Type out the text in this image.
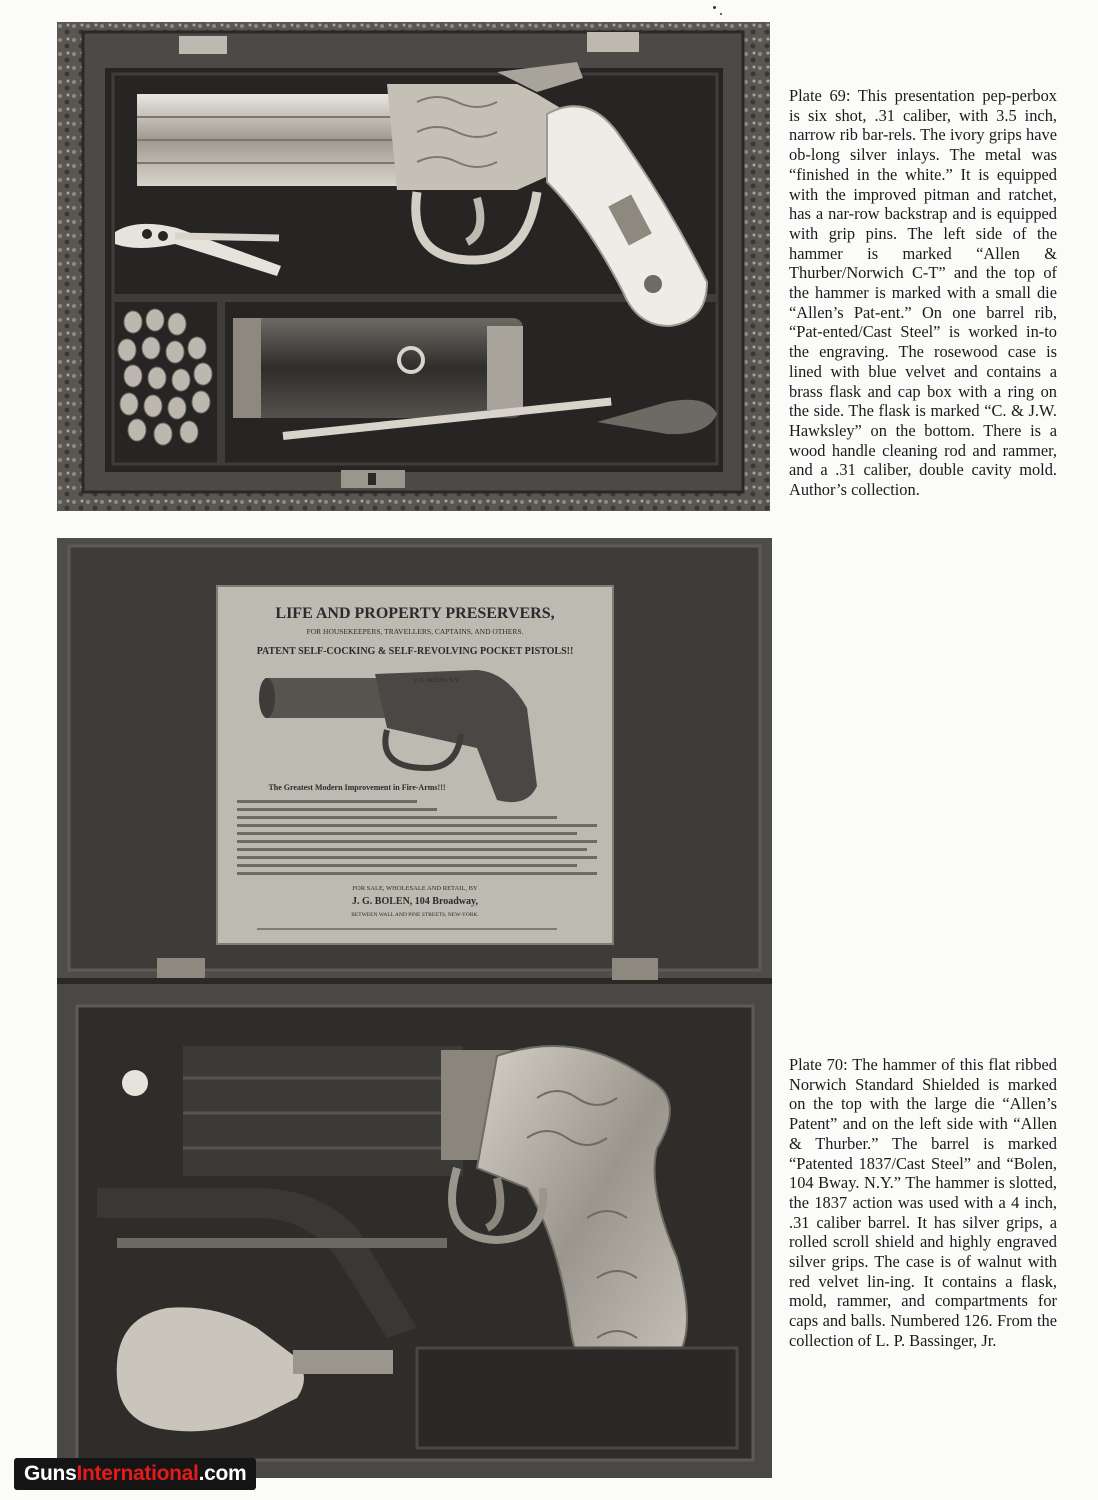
Plate 69: This presentation pep-perbox is six shot, .31 caliber, with 3.5 inch, narrow rib bar-rels. The ivory grips have ob-long silver inlays. The metal was “finished in the white.” It is equipped with the improved pitman and ratchet, has a nar-row backstrap and is equipped with grip pins. The left side of the hammer is marked “Allen & Thurber/Norwich C-T” and the top of the hammer is marked with a small die “Allen’s Pat-ent.” On one barrel rib, “Pat-ented/Cast Steel” is worked in-to the engraving. The rosewood case is lined with blue velvet and contains a brass flask and cap box with a ring on the side. The flask is marked “C. & J.W. Hawksley” on the bottom. There is a wood handle cleaning rod and rammer, and a .31 caliber, double cavity mold. Author’s collection.

LIFE AND PROPERTY PRESERVERS,
FOR HOUSEKEEPERS, TRAVELLERS, CAPTAINS, AND OTHERS.
PATENT SELF-COCKING & SELF-REVOLVING POCKET PISTOLS!!
J. G. BOLEN N.Y.
The Greatest Modern Improvement in Fire-Arms!!!
FOR SALE, WHOLESALE AND RETAIL, BY
J. G. BOLEN, 104 Broadway,
BETWEEN WALL AND PINE STREETS, NEW-YORK.

Plate 70: The hammer of this flat ribbed Norwich Standard Shielded is marked on the top with the large die “Allen’s Patent” and on the left side with “Allen & Thurber.” The barrel is marked “Patented 1837/Cast Steel” and “Bolen, 104 Bway. N.Y.” The hammer is slotted, the 1837 action was used with a 4 inch, .31 caliber barrel. It has silver grips, a rolled scroll shield and highly engraved silver grips. The case is of walnut with red velvet lin-ing. It contains a flask, mold, rammer, and compartments for caps and balls. Numbered 126. From the collection of L. P. Bassinger, Jr.

GunsInternational.com
